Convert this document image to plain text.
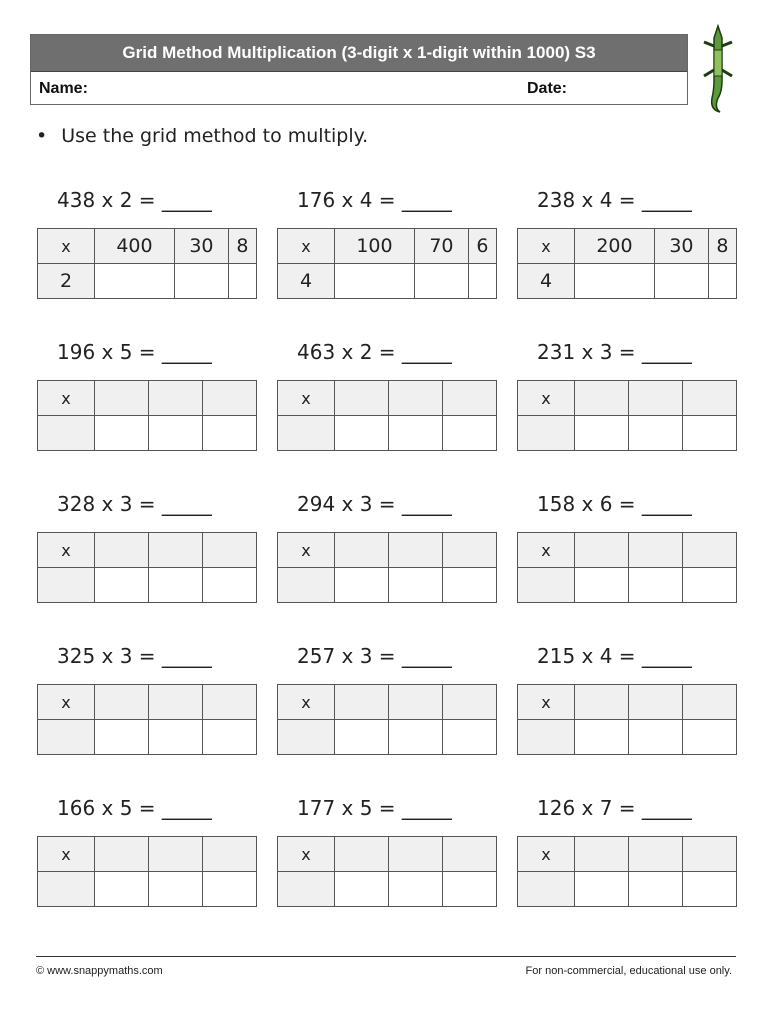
Grid Method Multiplication (3-digit x 1-digit within 1000) S3
Name:	Date:
• Use the grid method to multiply.
438 x 2 = _____
x	400	30	8
2			
176 x 4 = _____
x	100	70	6
4			
238 x 4 = _____
x	200	30	8
4			
196 x 5 = _____
x			

463 x 2 = _____
x			

231 x 3 = _____
x			

328 x 3 = _____
x			

294 x 3 = _____
x			

158 x 6 = _____
x			

325 x 3 = _____
x			

257 x 3 = _____
x			

215 x 4 = _____
x			

166 x 5 = _____
x			

177 x 5 = _____
x			

126 x 7 = _____
x			

© www.snappymaths.com	For non-commercial, educational use only.
